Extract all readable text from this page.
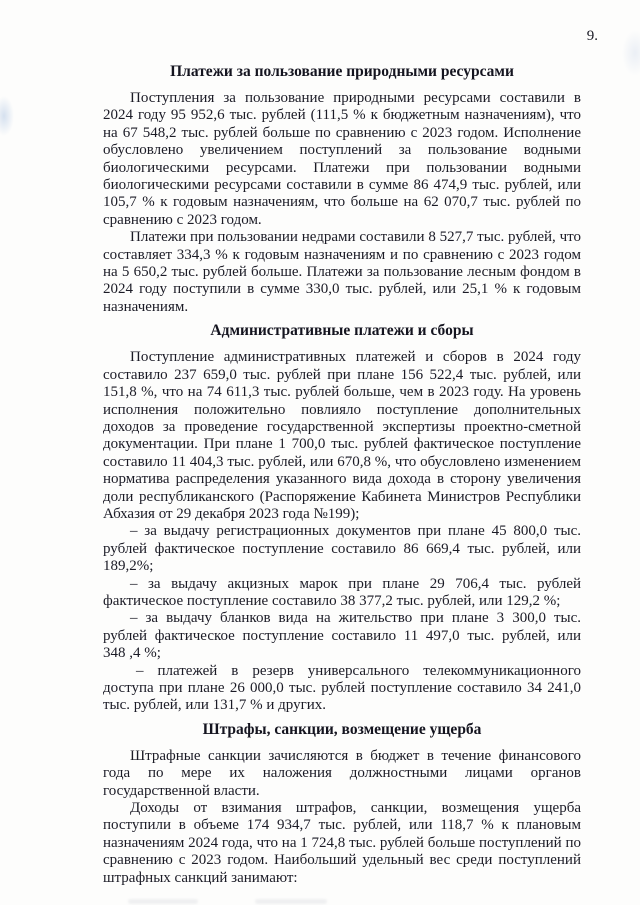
9.
Платежи за пользование природными ресурсами

Поступления за пользование природными ресурсами составили в 2024 году 95 952,6 тыс. рублей (111,5 % к бюджетным назначениям), что на 67 548,2 тыс. рублей больше по сравнению с 2023 годом. Исполнение обусловлено увеличением поступлений за пользование водными биологическими ресурсами. Платежи при пользовании водными биологическими ресурсами составили в сумме 86 474,9 тыс. рублей, или 105,7 % к годовым назначениям, что больше на 62 070,7 тыс. рублей по сравнению с 2023 годом.

Платежи при пользовании недрами составили 8 527,7 тыс. рублей, что составляет 334,3 % к годовым назначениям и по сравнению с 2023 годом на 5 650,2 тыс. рублей больше. Платежи за пользование лесным фондом в 2024 году поступили в сумме 330,0 тыс. рублей, или 25,1 % к годовым назначениям.

Административные платежи и сборы

Поступление административных платежей и сборов в 2024 году составило 237 659,0 тыс. рублей при плане 156 522,4 тыс. рублей, или 151,8 %, что на 74 611,3 тыс. рублей больше, чем в 2023 году. На уровень исполнения положительно повлияло поступление дополнительных доходов за проведение государственной экспертизы проектно-сметной документации. При плане 1 700,0 тыс. рублей фактическое поступление составило 11 404,3 тыс. рублей, или 670,8 %, что обусловлено изменением норматива распределения указанного вида дохода в сторону увеличения доли республиканского (Распоряжение Кабинета Министров Республики Абхазия от 29 декабря 2023 года №199);

– за выдачу регистрационных документов при плане 45 800,0 тыс. рублей фактическое поступление составило 86 669,4 тыс. рублей, или 189,2%;

– за выдачу акцизных марок при плане 29 706,4 тыс. рублей фактическое поступление составило 38 377,2 тыс. рублей, или 129,2 %;

– за выдачу бланков вида на жительство при плане 3 300,0 тыс. рублей фактическое поступление составило 11 497,0 тыс. рублей, или 348 ,4 %;

– платежей в резерв универсального телекоммуникационного доступа при плане 26 000,0 тыс. рублей поступление составило 34 241,0 тыс. рублей, или 131,7 % и других.

Штрафы, санкции, возмещение ущерба

Штрафные санкции зачисляются в бюджет в течение финансового года по мере их наложения должностными лицами органов государственной власти.

Доходы от взимания штрафов, санкции, возмещения ущерба поступили в объеме 174 934,7 тыс. рублей, или 118,7 % к плановым назначениям 2024 года, что на 1 724,8 тыс. рублей больше поступлений по сравнению с 2023 годом. Наибольший удельный вес среди поступлений штрафных санкций занимают:
